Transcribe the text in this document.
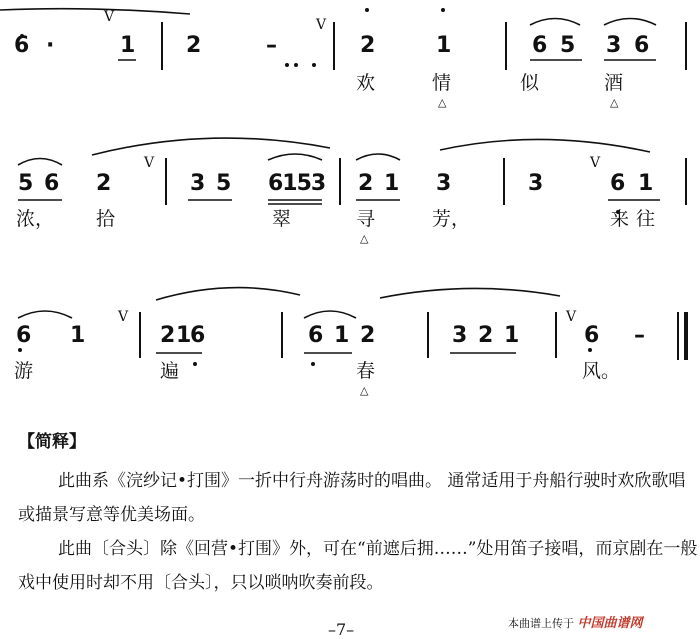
6 ·	1 2	–	2	1	6 5 3 6
V	V
欢	情	似	酒
△	△
5 6 2	3 5 6153 2 1 3	3	6 1
V	V
浓， 拾	翠	寻	芳，	来 往
△
6 1	2 1
6	6 1 2	3 2 1	6 –
V	V
游	遍	春	风。
△
【简释】
此曲系《浣纱记•打围》一折中行舟游荡时的唱曲。 通常适用于舟船行驶时欢欣歌唱或描景写意等优美场面。
此曲〔合头〕除《回营•打围》外，可在“前遮后拥……”处用笛子接唱，而京剧在一般戏中使用时却不用〔合头〕，只以唢呐吹奏前段。
本曲谱上传于 中国曲谱网
–7–
